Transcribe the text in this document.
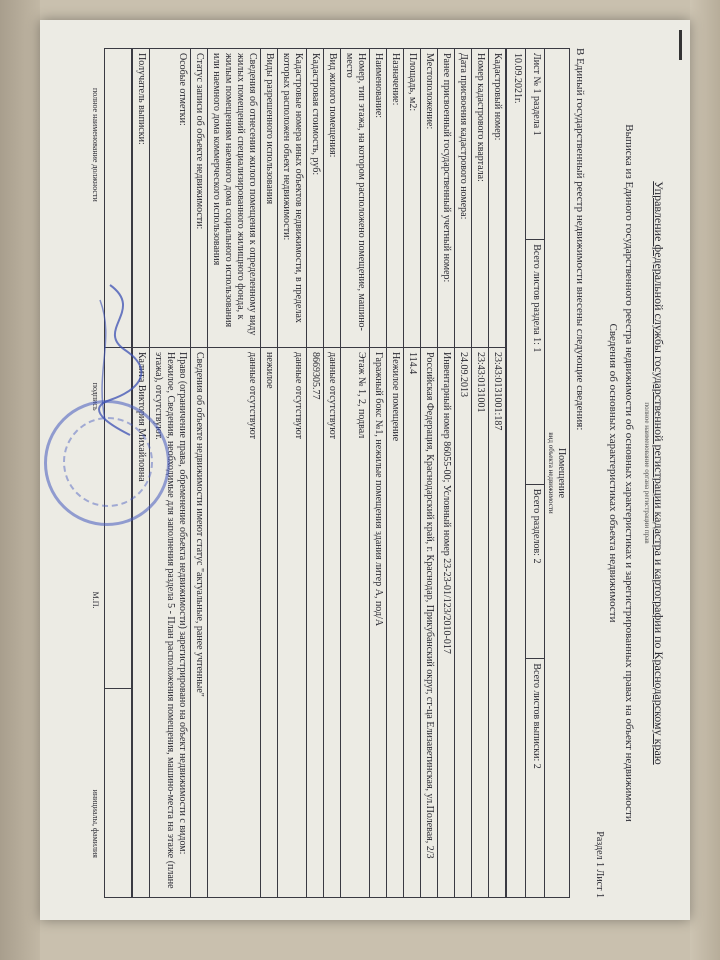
Управление федеральной службы государственной регистрации кадастра и картографии по Краснодарскому краю
полное наименование органа регистрации прав
Выписка из Единого государственного реестра недвижимости об основных характеристиках и зарегистрированных правах на объект недвижимости
Сведения об основных характеристиках объекта недвижимости
Раздел 1 Лист 1
В Единый государственный реестр недвижимости внесены следующие сведения:
Помещение
вид объекта недвижимости

Лист № 1 раздела 1	Всего листов раздела 1: 1	Всего разделов: 2	Всего листов выписки: 2
10.09.2021г.
Кадастровый номер:	23:43:0131001:187
Номер кадастрового квартала:	23:43:0131001
Дата присвоения кадастрового номера:	24.09.2013
Ранее присвоенный государственный учетный номер:	Инвентарный номер 86055-00; Условный номер 23-23-01/123/2010-017
Местоположение:	Российская Федерация, Краснодарский край, г. Краснодар, Прикубанский округ, ст-ца Елизаветинская, ул.Полевая, 2/3
Площадь, м2:	114.4
Назначение:	Нежилое помещение
Наименование:	Гаражный бокс №1, нежилые помещения здания литер А, под/А
Номер, тип этажа, на котором расположено помещение, машино-место	Этаж № 1, 2, подвал
Вид жилого помещения:	данные отсутствуют
Кадастровая стоимость, руб:	8669305.77
Кадастровые номера иных объектов недвижимости, в пределах которых расположен объект недвижимости:	данные отсутствуют
Виды разрешенного использования	нежилое
Сведения об отнесении жилого помещения к определенному виду жилых помещений специализированного жилищного фонда, к жилым помещениям наемного дома социального использования или наемного дома коммерческого использования	данные отсутствуют
Статус записи об объекте недвижимости:	Сведения об объекте недвижимости имеют статус "актуальные, ранее учтенные"
Особые отметки:	Право (ограничение права, обременение объекта недвижимости) зарегистрировано на объект недвижимости с видом: Нежилое, Сведения, необходимые для заполнения раздела 5 - План расположения помещения, машино-места на этаже (плане этажа), отсутствуют.
Получатель выписки:	Калита Виктория Михайловна

полное наименование должности
подпись
М.П.
инициалы, фамилия
